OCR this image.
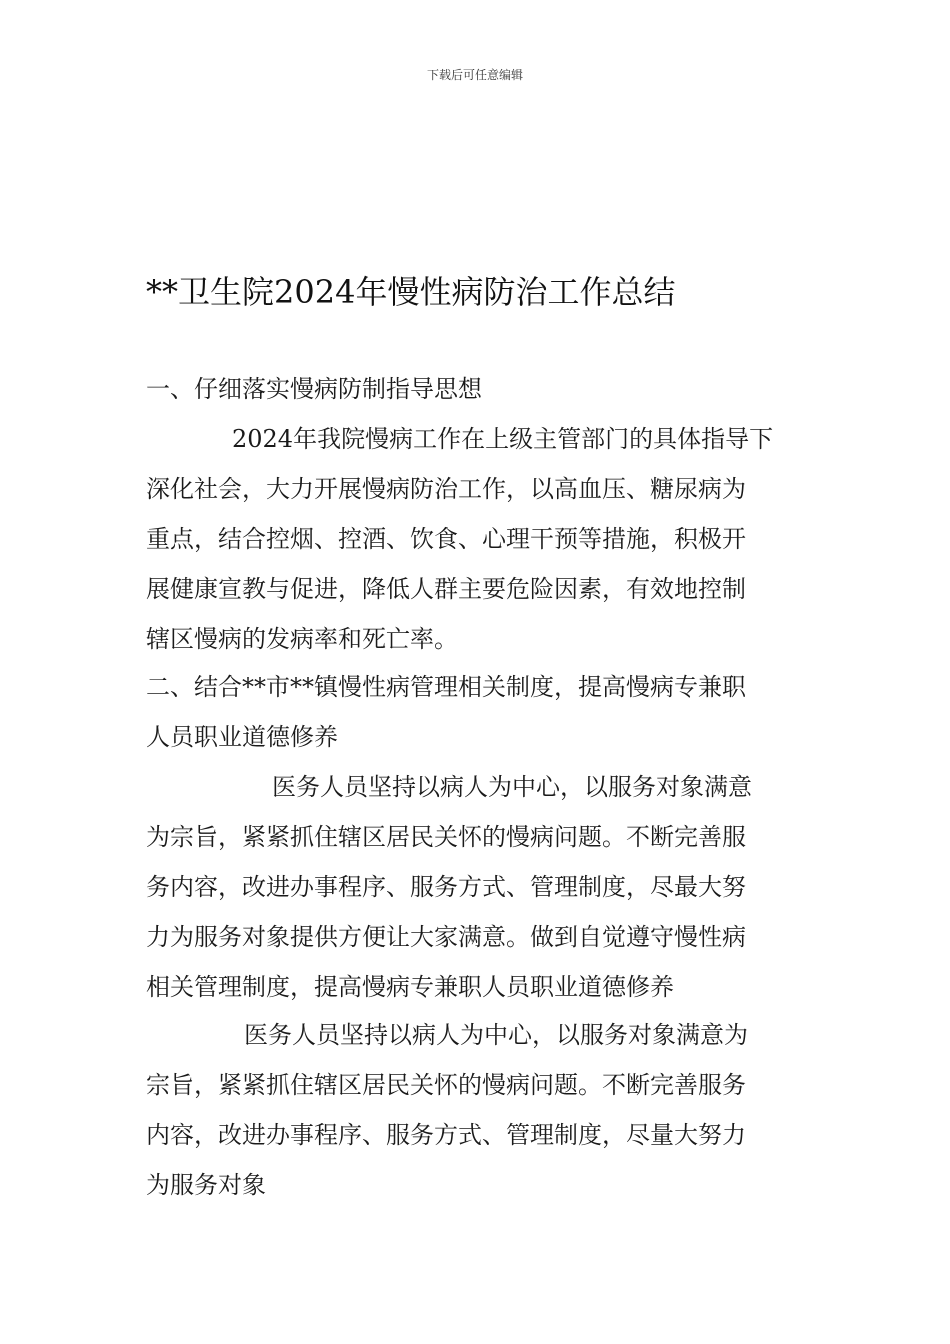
下载后可任意编辑
**卫生院2024年慢性病防治工作总结
一、仔细落实慢病防制指导思想
2024年我院慢病工作在上级主管部门的具体指导下
深化社会，大力开展慢病防治工作，以高血压、糖尿病为
重点，结合控烟、控酒、饮食、心理干预等措施，积极开
展健康宣教与促进，降低人群主要危险因素，有效地控制
辖区慢病的发病率和死亡率。
二、结合**市**镇慢性病管理相关制度，提高慢病专兼职
人员职业道德修养
医务人员坚持以病人为中心，以服务对象满意
为宗旨，紧紧抓住辖区居民关怀的慢病问题。不断完善服
务内容，改进办事程序、服务方式、管理制度，尽最大努
力为服务对象提供方便让大家满意。做到自觉遵守慢性病
相关管理制度，提高慢病专兼职人员职业道德修养
医务人员坚持以病人为中心，以服务对象满意为
宗旨，紧紧抓住辖区居民关怀的慢病问题。不断完善服务
内容，改进办事程序、服务方式、管理制度，尽量大努力
为服务对象
